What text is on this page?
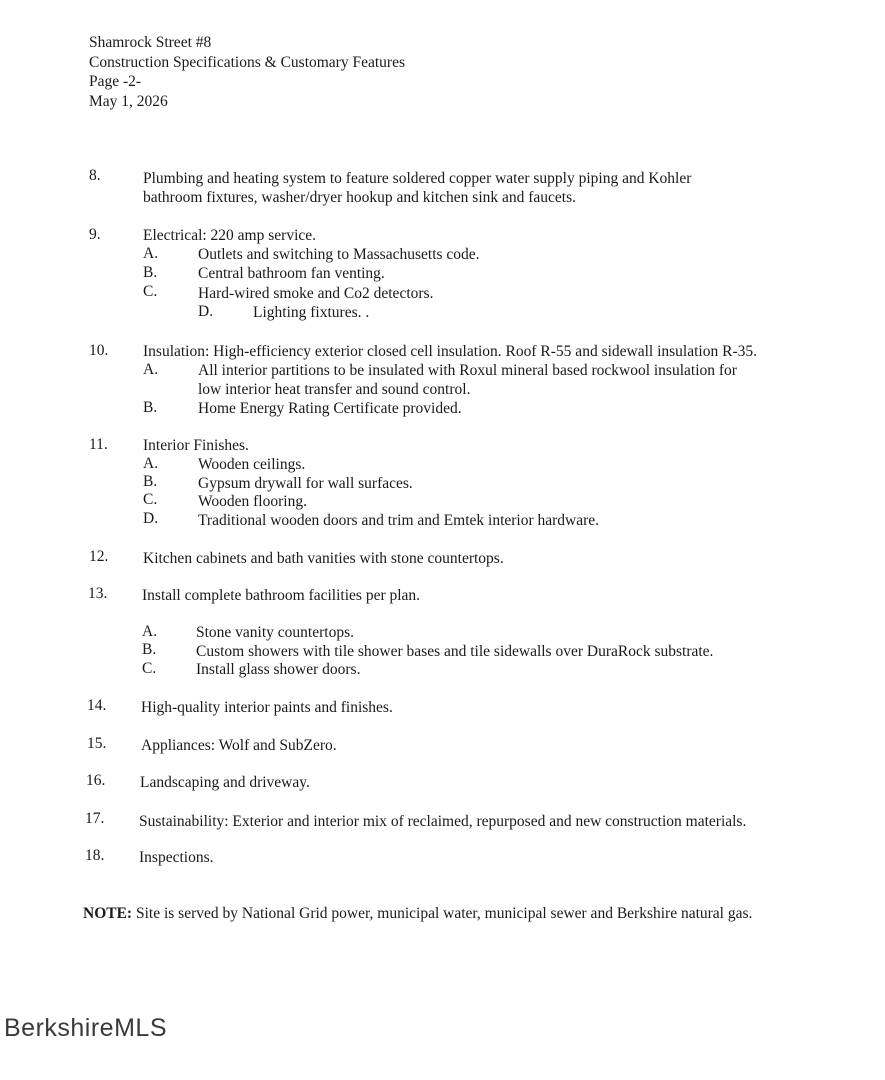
Shamrock Street #8
Construction Specifications & Customary Features
Page -2-
May 1, 2026
8.	Plumbing and heating system to feature soldered copper water supply piping and Kohler
bathroom fixtures, washer/dryer hookup and kitchen sink and faucets.
9.	Electrical: 220 amp service.
A.	Outlets and switching to Massachusetts code.
B.	Central bathroom fan venting.
C.	Hard-wired smoke and Co2 detectors.
D.	Lighting fixtures. .
10. Insulation: High-efficiency exterior closed cell insulation. Roof R-55 and sidewall insulation R-35.
A.	All interior partitions to be insulated with Roxul mineral based rockwool insulation for
low interior heat transfer and sound control.
B.	Home Energy Rating Certificate provided.
11. Interior Finishes.
A.	Wooden ceilings.
B.	Gypsum drywall for wall surfaces.
C.	Wooden flooring.
D.	Traditional wooden doors and trim and Emtek interior hardware.
12. Kitchen cabinets and bath vanities with stone countertops.
13. Install complete bathroom facilities per plan.
A.	Stone vanity countertops.
B.	Custom showers with tile shower bases and tile sidewalls over DuraRock substrate.
C.	Install glass shower doors.
14. High-quality interior paints and finishes.
15. Appliances: Wolf and SubZero.
16. Landscaping and driveway.
17. Sustainability: Exterior and interior mix of reclaimed, repurposed and new construction materials.
18. Inspections.
NOTE: Site is served by National Grid power, municipal water, municipal sewer and Berkshire natural gas.
BerkshireMLS
